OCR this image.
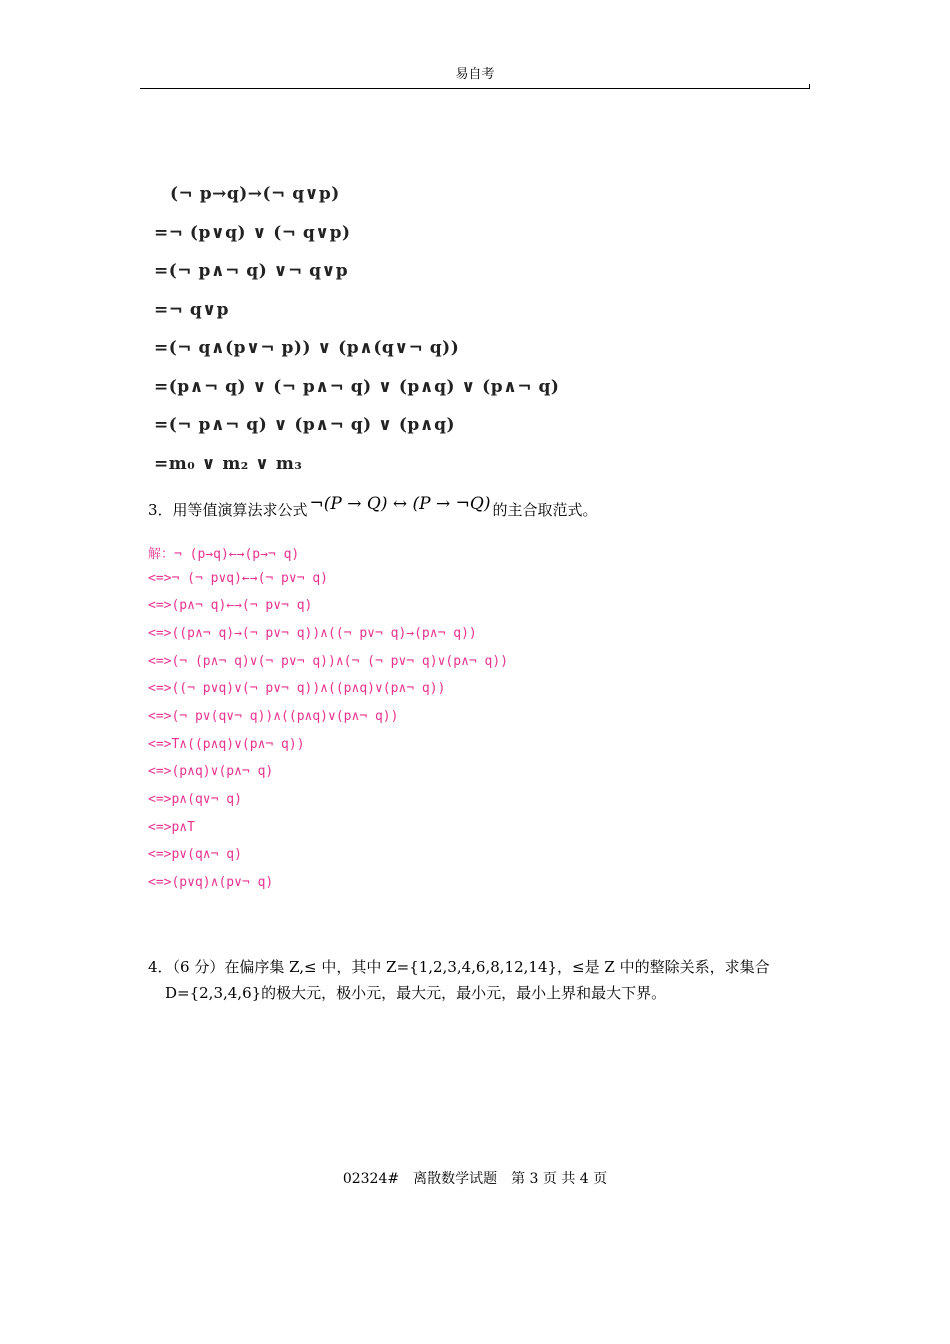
易自考
(¬ p→q)→(¬ q∨p)
=¬ (p∨q) ∨ (¬ q∨p)
=(¬ p∧¬ q) ∨¬ q∨p
=¬ q∨p
=(¬ q∧(p∨¬ p)) ∨ (p∧(q∨¬ q))
=(p∧¬ q) ∨ (¬ p∧¬ q) ∨ (p∧q) ∨ (p∧¬ q)
=(¬ p∧¬ q) ∨ (p∧¬ q) ∨ (p∧q)
=m₀ ∨ m₂ ∨ m₃
3．用等值演算法求公式 ¬(P → Q) ↔ (P → ¬Q) 的主合取范式。
解：¬ (p→q)←→(p→¬ q)
<=>¬ (¬ p∨q)←→(¬ p∨¬ q)
<=>(p∧¬ q)←→(¬ p∨¬ q)
<=>((p∧¬ q)→(¬ p∨¬ q))∧((¬ p∨¬ q)→(p∧¬ q))
<=>(¬ (p∧¬ q)∨(¬ p∨¬ q))∧(¬ (¬ p∨¬ q)∨(p∧¬ q))
<=>((¬ p∨q)∨(¬ p∨¬ q))∧((p∧q)∨(p∧¬ q))
<=>(¬ p∨(q∨¬ q))∧((p∧q)∨(p∧¬ q))
<=>T∧((p∧q)∨(p∧¬ q))
<=>(p∧q)∨(p∧¬ q)
<=>p∧(q∨¬ q)
<=>p∧T
<=>p∨(q∧¬ q)
<=>(p∨q)∧(p∨¬ q)
4．（6 分）在偏序集 Z,≤ 中，其中 Z={1,2,3,4,6,8,12,14}，≤是 Z 中的整除关系，求集合
D={2,3,4,6}的极大元，极小元，最大元，最小元，最小上界和最大下界。
02324#　离散数学试题　第 3 页 共 4 页
